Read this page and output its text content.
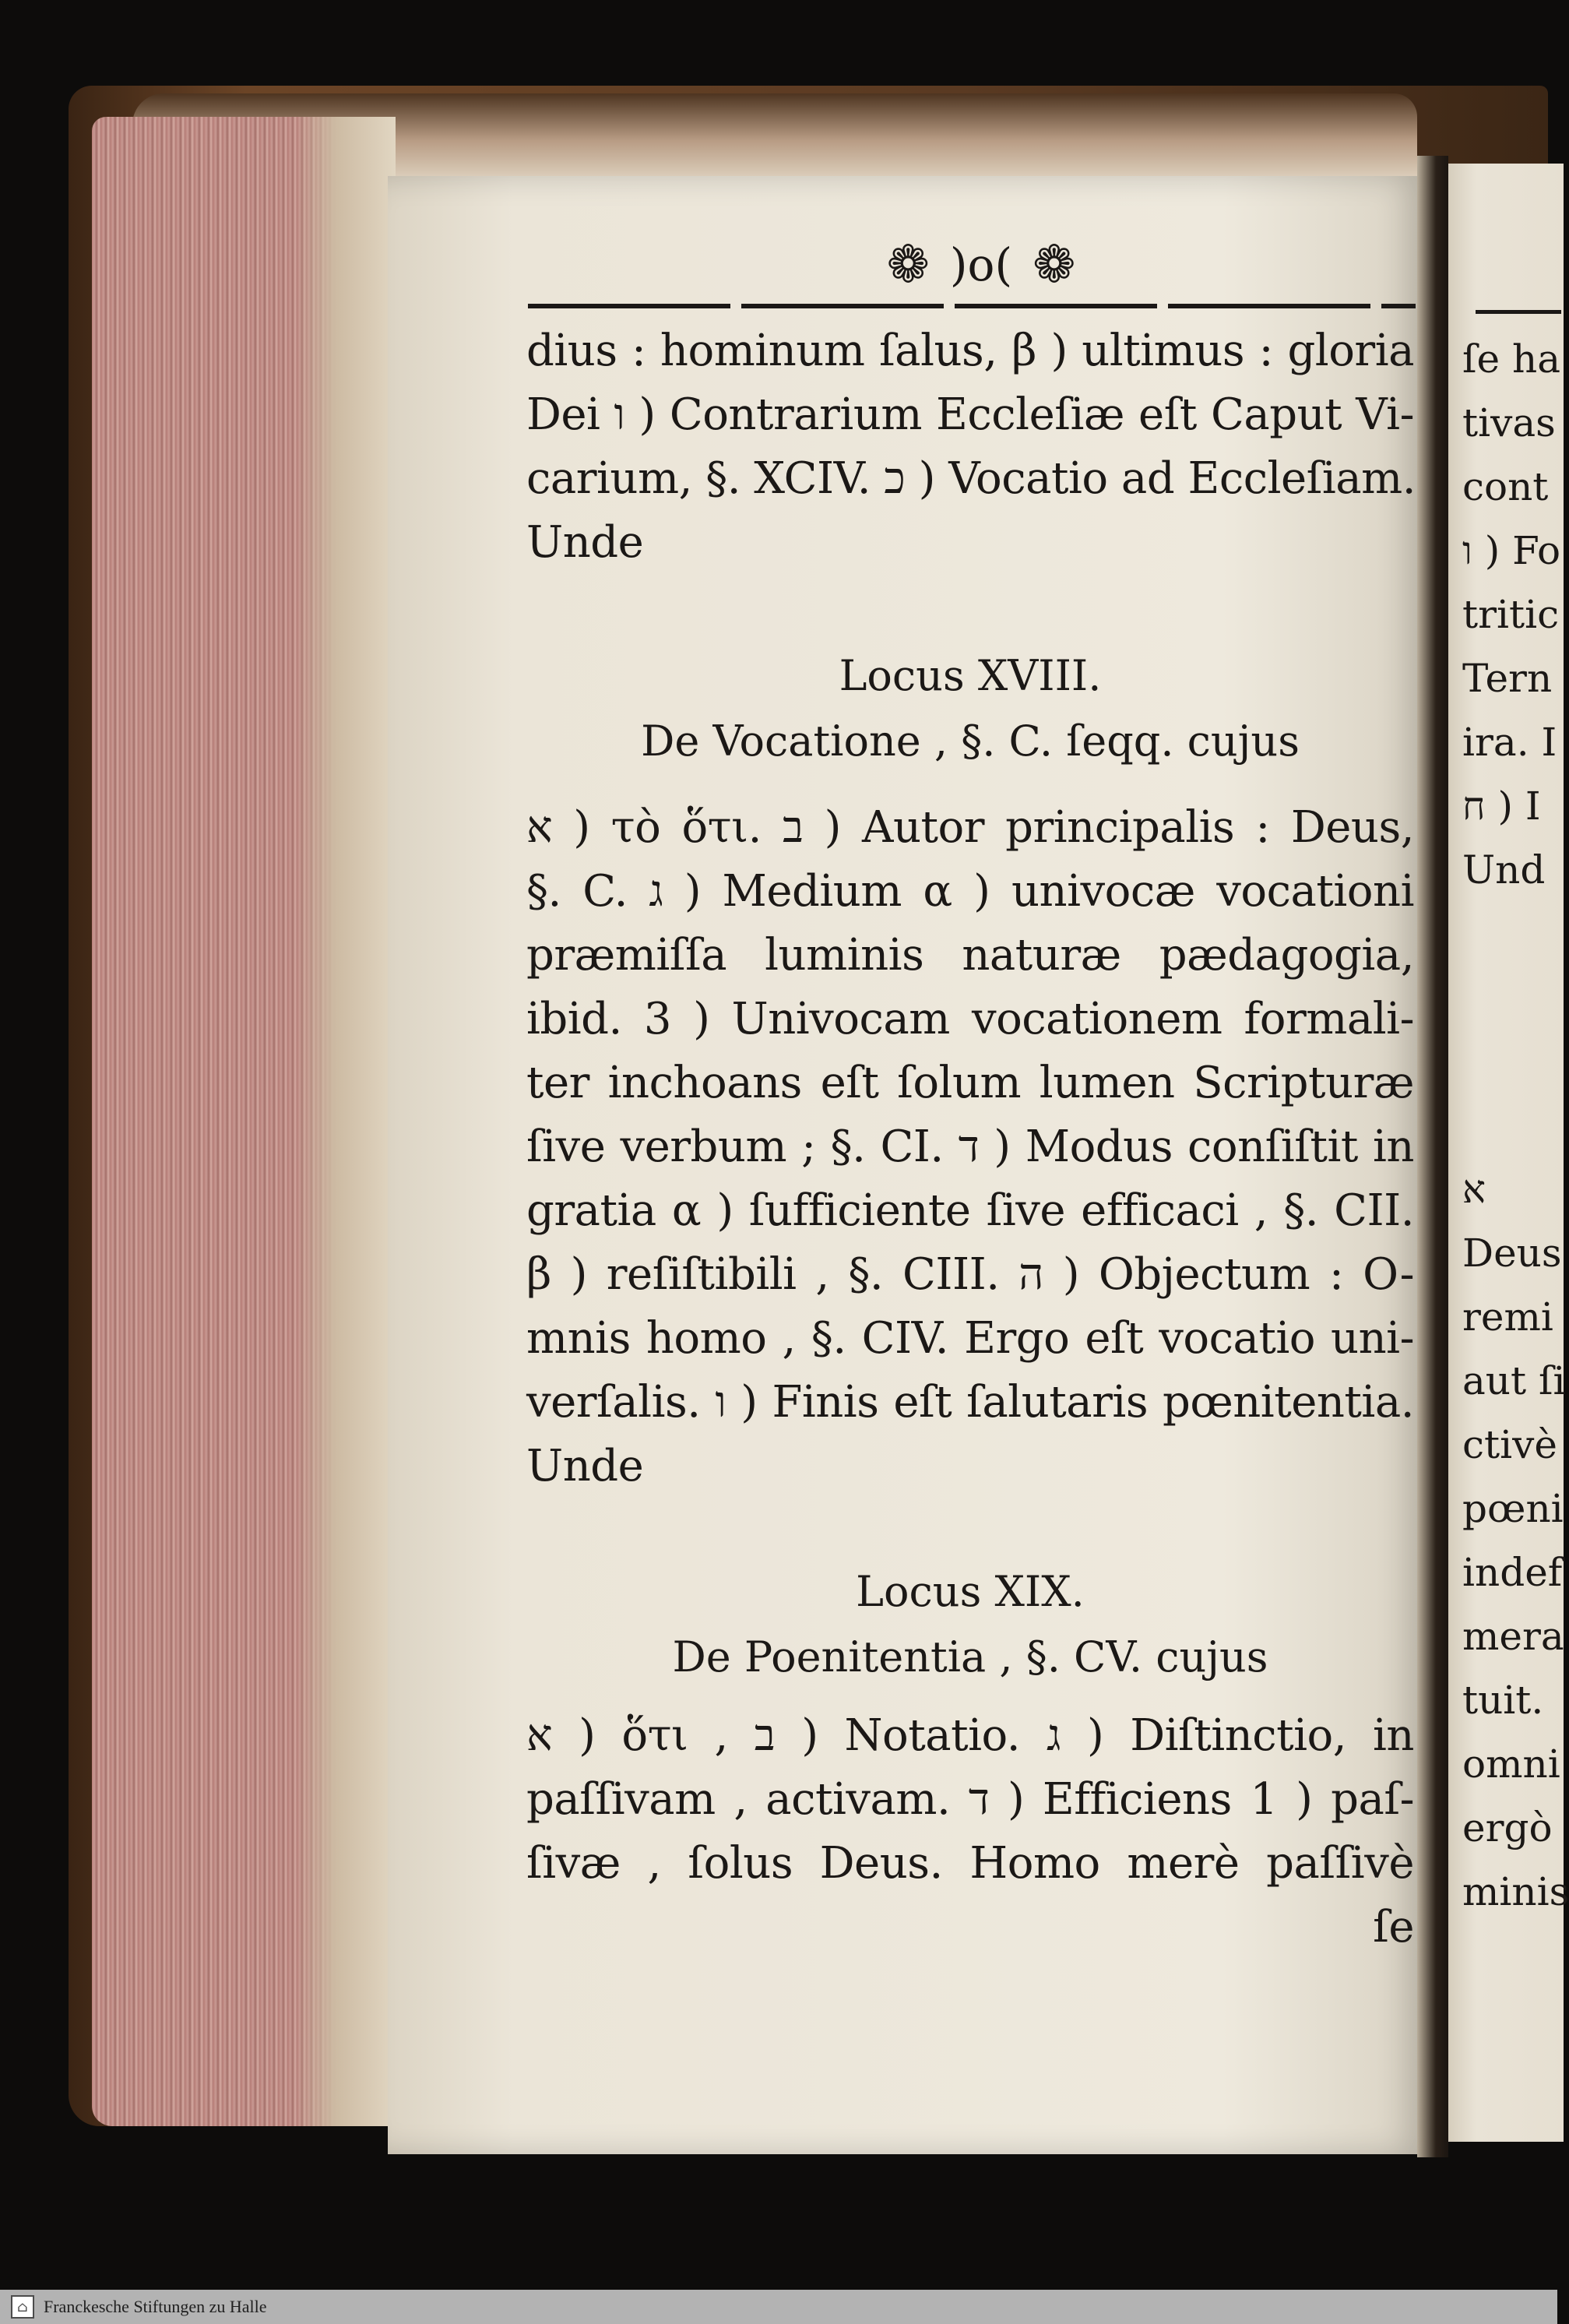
❁ )o( ❁
dius : hominum ſalus, β ) ultimus : gloria
Dei ו ) Contrarium Eccleſiæ eſt Caput Vi-
carium, §. XCIV. כ ) Vocatio ad Eccleſiam.
Unde
Locus XVIII.
De Vocatione , §. C. ſeqq. cujus
א ) τὸ ὅτι. ב ) Autor principalis : Deus,
§. C. ג ) Medium α ) univocæ vocationi
præmiſſa luminis naturæ pædagogia,
ibid. 3 ) Univocam vocationem formali-
ter inchoans eſt ſolum lumen Scripturæ
ſive verbum ; §. CI. ד ) Modus conſiſtit in
gratia α ) ſufficiente ſive efficaci , §. CII.
β ) reſiſtibili , §. CIII. ה ) Objectum : O-
mnis homo , §. CIV. Ergo eſt vocatio uni-
verſalis. ו ) Finis eſt ſalutaris pœnitentia.
Unde
Locus XIX.
De Poenitentia , §. CV. cujus
א ) ὅτι , ב ) Notatio. ג ) Diſtinctio, in
paſſivam , activam. ד ) Efficiens 1 ) paſ-
ſivæ , ſolus Deus. Homo merè paſſivè
ſe
ſe ha
tivas
cont
ו ) Fo
tritic
Tern
ira. I
ח ) I
Und
א
Deus
remi
aut ſi
ctivè
pœni
indef
mera
tuit.
omni
ergò
minis
⌂ Franckesche Stiftungen zu Halle
